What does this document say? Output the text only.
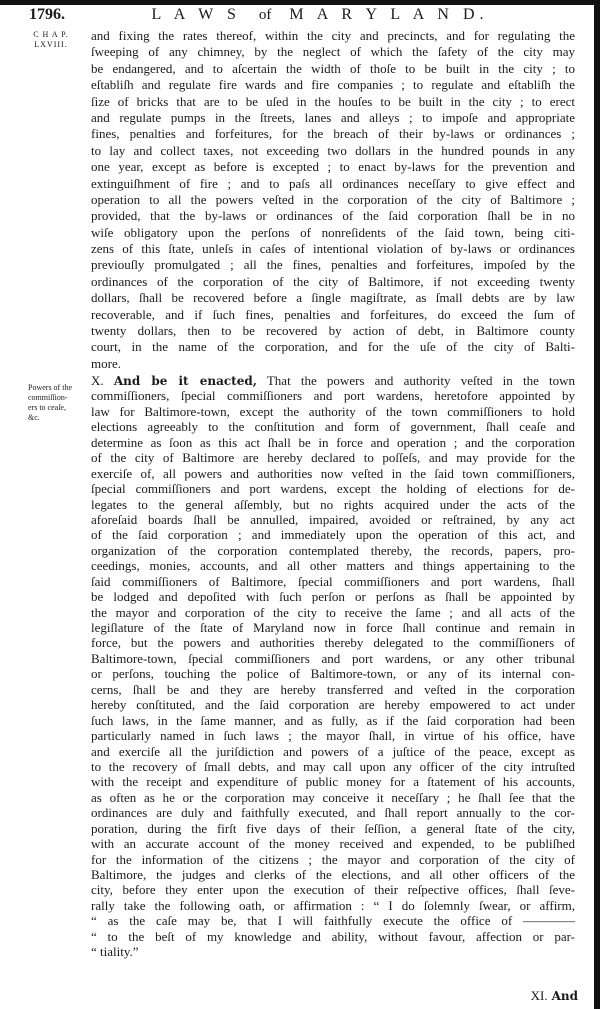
1796.	L A W S of M A R Y L A N D.
C H A P.
LXVIII.
Powers of the
commiſſion-
ers to ceaſe,
&c.
and fixing the rates thereof, within the city and precincts, and for regulating the
ſweeping of any chimney, by the neglect of which the ſafety of the city may
be endangered, and to aſcertain the width of thoſe to be built in the city ; to
eſtabliſh and regulate fire wards and fire companies ; to regulate and eſtabliſh the
ſize of bricks that are to be uſed in the houſes to be built in the city ; to erect
and regulate pumps in the ſtreets, lanes and alleys ; to impoſe and appropriate
fines, penalties and forfeitures, for the breach of their by-laws or ordinances ;
to lay and collect taxes, not exceeding two dollars in the hundred pounds in any
one year, except as before is excepted ; to enact by-laws for the prevention and
extinguiſhment of fire ; and to paſs all ordinances neceſſary to give effect and
operation to all the powers veſted in the corporation of the city of Baltimore ;
provided, that the by-laws or ordinances of the ſaid corporation ſhall be in no
wiſe obligatory upon the perſons of nonreſidents of the ſaid town, being citi-
zens of this ſtate, unleſs in caſes of intentional violation of by-laws or ordinances
previouſly promulgated ; all the fines, penalties and forfeitures, impoſed by the
ordinances of the corporation of the city of Baltimore, if not exceeding twenty
dollars, ſhall be recovered before a ſingle magiſtrate, as ſmall debts are by law
recoverable, and if ſuch fines, penalties and forfeitures, do exceed the ſum of
twenty dollars, then to be recovered by action of debt, in Baltimore county
court, in the name of the corporation, and for the uſe of the city of Balti-
more.
X. And be it enacted, That the powers and authority veſted in the town
commiſſioners, ſpecial commiſſioners and port wardens, heretofore appointed by
law for Baltimore-town, except the authority of the town commiſſioners to hold
elections agreeably to the conſtitution and form of government, ſhall ceaſe and
determine as ſoon as this act ſhall be in force and operation ; and the corporation
of the city of Baltimore are hereby declared to poſſeſs, and may provide for the
exerciſe of, all powers and authorities now veſted in the ſaid town commiſſioners,
ſpecial commiſſioners and port wardens, except the holding of elections for de-
legates to the general aſſembly, but no rights acquired under the acts of the
aforeſaid boards ſhall be annulled, impaired, avoided or reſtrained, by any act
of the ſaid corporation ; and immediately upon the operation of this act, and
organization of the corporation contemplated thereby, the records, papers, pro-
ceedings, monies, accounts, and all other matters and things appertaining to the
ſaid commiſſioners of Baltimore, ſpecial commiſſioners and port wardens, ſhall
be lodged and depoſited with ſuch perſon or perſons as ſhall be appointed by
the mayor and corporation of the city to receive the ſame ; and all acts of the
legiſlature of the ſtate of Maryland now in force ſhall continue and remain in
force, but the powers and authorities thereby delegated to the commiſſioners of
Baltimore-town, ſpecial commiſſioners and port wardens, or any other tribunal
or perſons, touching the police of Baltimore-town, or any of its internal con-
cerns, ſhall be and they are hereby transferred and veſted in the corporation
hereby conſtituted, and the ſaid corporation are hereby empowered to act under
ſuch laws, in the ſame manner, and as fully, as if the ſaid corporation had been
particularly named in ſuch laws ; the mayor ſhall, in virtue of his office, have
and exerciſe all the juriſdiction and powers of a juſtice of the peace, except as
to the recovery of ſmall debts, and may call upon any officer of the city intruſted
with the receipt and expenditure of public money for a ſtatement of his accounts,
as often as he or the corporation may conceive it neceſſary ; he ſhall ſee that the
ordinances are duly and faithfully executed, and ſhall report annually to the cor-
poration, during the firſt five days of their ſeſſion, a general ſtate of the city,
with an accurate account of the money received and expended, to be publiſhed
for the information of the citizens ; the mayor and corporation of the city of
Baltimore, the judges and clerks of the elections, and all other officers of the
city, before they enter upon the execution of their reſpective offices, ſhall ſeve-
rally take the following oath, or affirmation : “ I do ſolemnly ſwear, or affirm,
“ as the caſe may be, that I will faithfully execute the office of ————
“ to the beſt of my knowledge and ability, without favour, affection or par-
“ tiality.”
XI. And
